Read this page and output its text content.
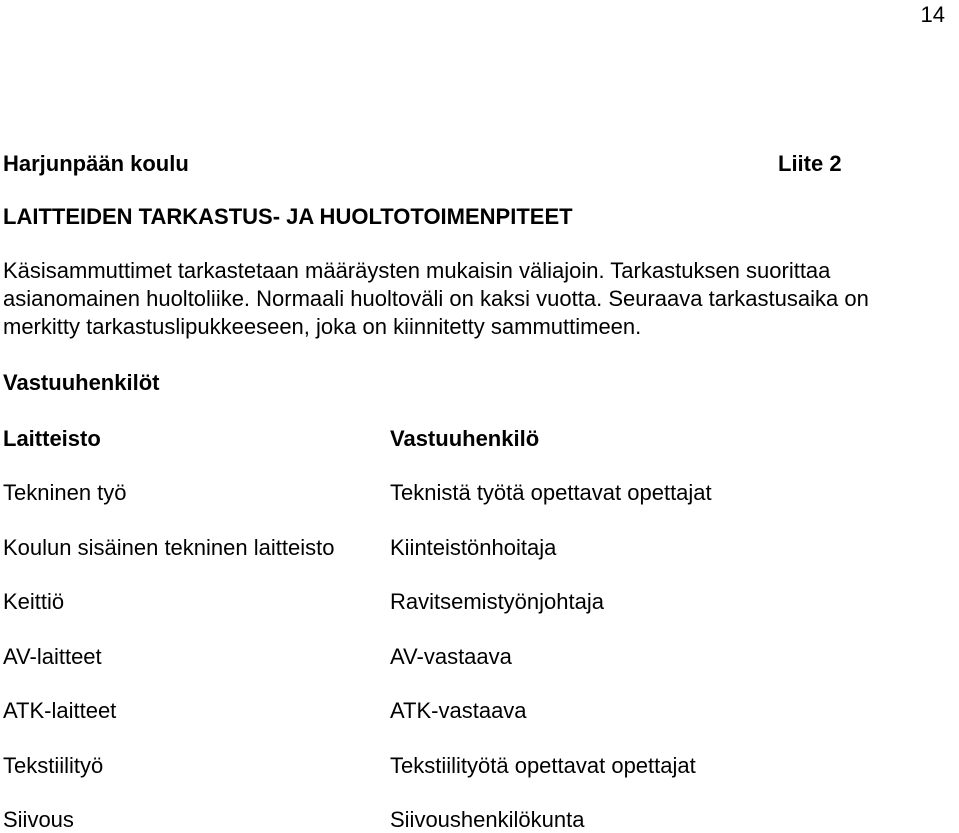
14
Harjunpään koulu	Liite 2
LAITTEIDEN TARKASTUS- JA HUOLTOTOIMENPITEET
Käsisammuttimet tarkastetaan määräysten mukaisin väliajoin. Tarkastuksen suorittaa
asianomainen huoltoliike. Normaali huoltoväli on kaksi vuotta. Seuraava tarkastusaika on
merkitty tarkastuslipukkeeseen, joka on kiinnitetty sammuttimeen.
Vastuuhenkilöt
Laitteisto	Vastuuhenkilö
Tekninen työ	Teknistä työtä opettavat opettajat
Koulun sisäinen tekninen laitteisto	Kiinteistönhoitaja
Keittiö	Ravitsemistyönjohtaja
AV-laitteet	AV-vastaava
ATK-laitteet	ATK-vastaava
Tekstiilityö	Tekstiilityötä opettavat opettajat
Siivous	Siivoushenkilökunta
